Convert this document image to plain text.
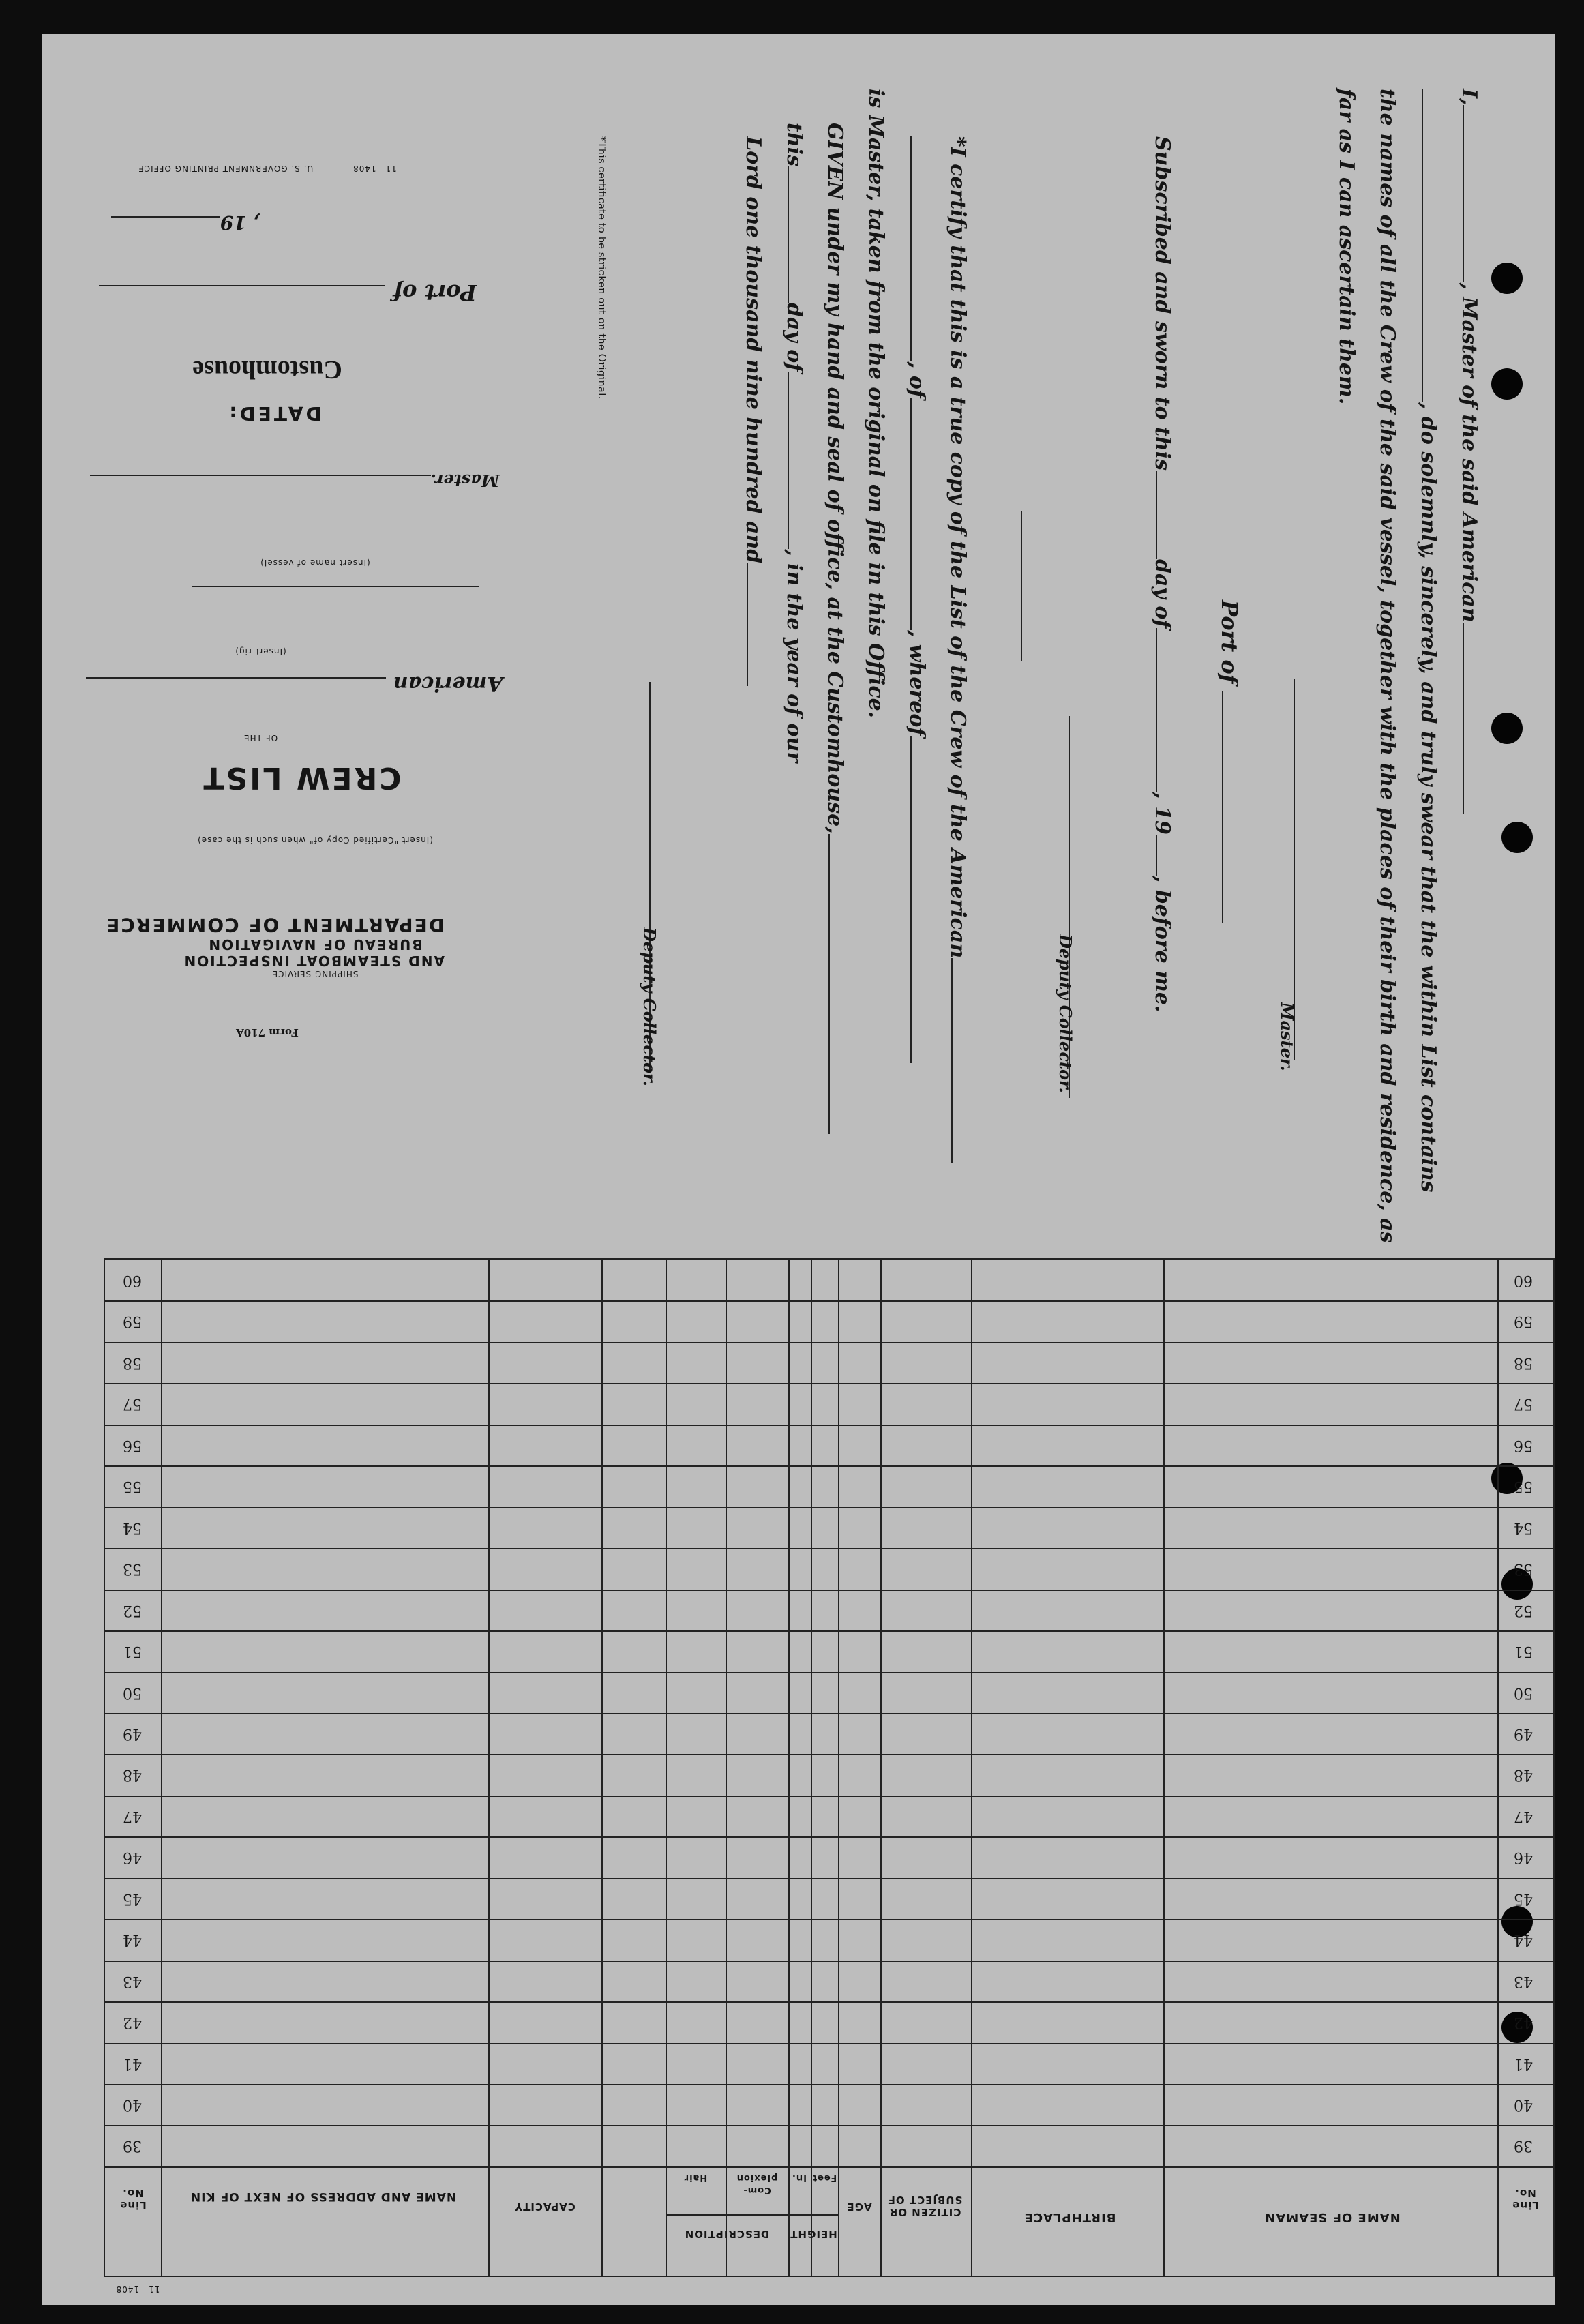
I,, Master of the said American
, do solemnly, sincerely, and truly swear that the within List contains
the names of all the Crew of the said vessel, together with the places of their birth and residence, as
far as I can ascertain them.
Master.
Port of
Subscribed and sworn to thisday of, 19, before me.
Deputy Collector.
*I certify that this is a true copy of the List of the Crew of the American
, of, whereof
is Master, taken from the original on file in this Office.
GIVEN under my hand and seal of office, at the Customhouse,
thisday of, in the year of our
Lord one thousand nine hundred and
Deputy Collector.
*This certificate to be stricken out on the Original.
11—1408            U. S. GOVERNMENT PRINTING OFFICE
, 19
Port of
Customhouse
DATED:
Master.
(Insert name of vessel)
(Insert rig)
American
OF THE
CREW LIST
(Insert "Certified Copy of" when such is the case)
SHIPPING SERVICE
AND STEAMBOAT INSPECTION
BUREAU OF NAVIGATION
DEPARTMENT OF COMMERCE
Form 710A
60
60
59
59
58
58
57
57
56
56
55
55
54
54
53
53
52
52
51
51
50
50
49
49
48
48
47
47
46
46
45
45
44
44
43
43
42
42
41
41
40
40
39
39
Line No.
NAME OF SEAMAN
BIRTHPLACE
CITIZEN OR SUBJECT OF
AGE
In. Feet
HEIGHT
Hair
Com-plexion
DESCRIPTION
CAPACITY
NAME AND ADDRESS OF NEXT OF KIN
Line No.
11—1408
